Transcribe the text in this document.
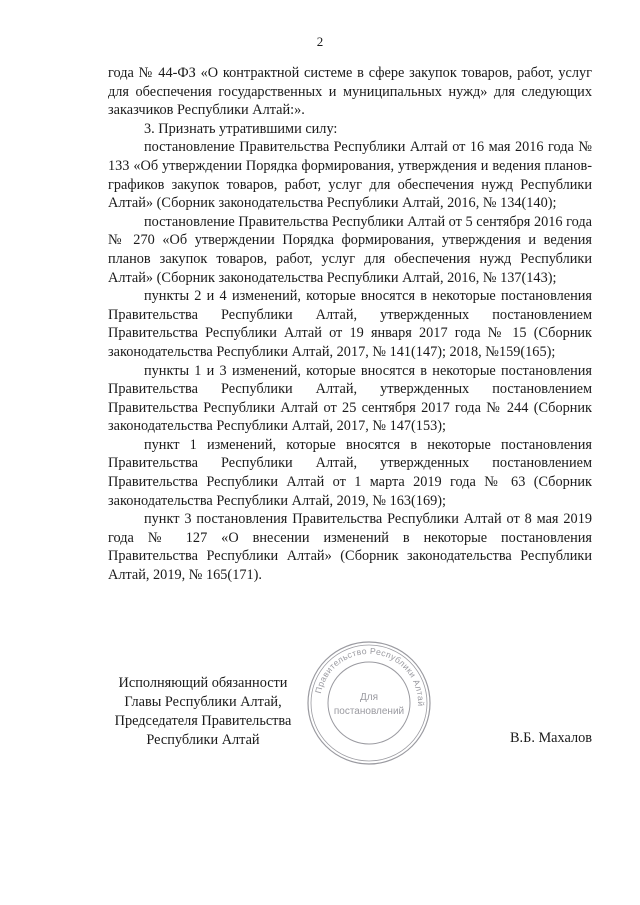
2

года № 44-ФЗ «О контрактной системе в сфере закупок товаров, работ, услуг для обеспечения государственных и муниципальных нужд» для следующих заказчиков Республики Алтай:».

3. Признать утратившими силу:

постановление Правительства Республики Алтай от 16 мая 2016 года № 133 «Об утверждении Порядка формирования, утверждения и ведения планов-графиков закупок товаров, работ, услуг для обеспечения нужд Республики Алтай» (Сборник законодательства Республики Алтай, 2016, № 134(140);

постановление Правительства Республики Алтай от 5 сентября 2016 года № 270 «Об утверждении Порядка формирования, утверждения и ведения планов закупок товаров, работ, услуг для обеспечения нужд Республики Алтай» (Сборник законодательства Республики Алтай, 2016, № 137(143);

пункты 2 и 4 изменений, которые вносятся в некоторые постановления Правительства Республики Алтай, утвержденных постановлением Правительства Республики Алтай от 19 января 2017 года № 15 (Сборник законодательства Республики Алтай, 2017, № 141(147); 2018, №159(165);

пункты 1 и 3 изменений, которые вносятся в некоторые постановления Правительства Республики Алтай, утвержденных постановлением Правительства Республики Алтай от 25 сентября 2017 года № 244 (Сборник законодательства Республики Алтай, 2017, № 147(153);

пункт 1 изменений, которые вносятся в некоторые постановления Правительства Республики Алтай, утвержденных постановлением Правительства Республики Алтай от 1 марта 2019 года № 63 (Сборник законодательства Республики Алтай, 2019, № 163(169);

пункт 3 постановления Правительства Республики Алтай от 8 мая 2019 года № 127 «О внесении изменений в некоторые постановления Правительства Республики Алтай» (Сборник законодательства Республики Алтай, 2019, № 165(171).

Исполняющий обязанности
Главы Республики Алтай,
Председателя Правительства
Республики Алтай
Правительство Республики Алтай
Для
постановлений
В.Б. Махалов
